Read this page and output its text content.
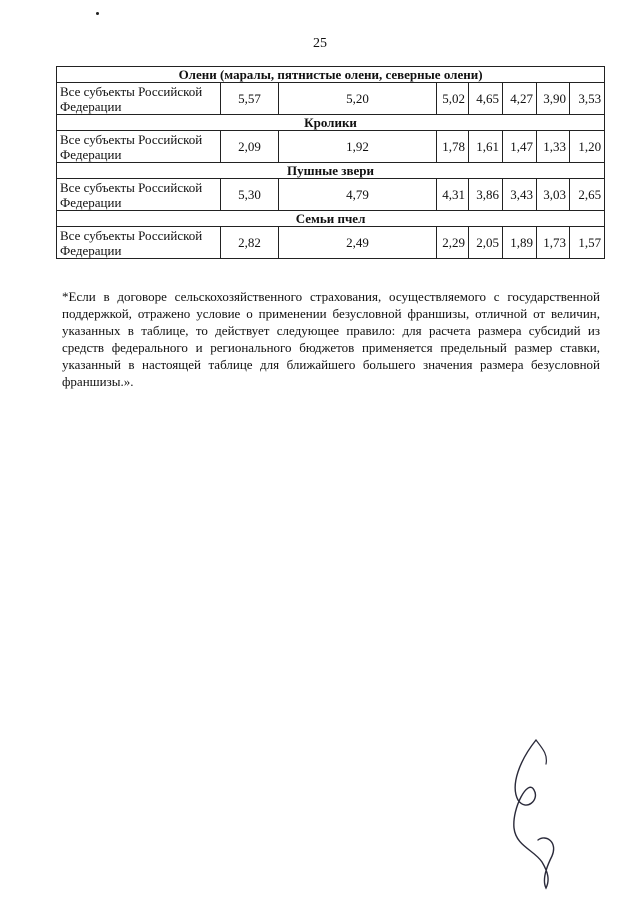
25
Олени (маралы, пятнистые олени, северные олени)							
Все субъекты Российской Федерации	5,57	5,20	5,02	4,65	4,27	3,90	3,53
Кролики							
Все субъекты Российской Федерации	2,09	1,92	1,78	1,61	1,47	1,33	1,20
Пушные звери							
Все субъекты Российской Федерации	5,30	4,79	4,31	3,86	3,43	3,03	2,65
Семьи пчел							
Все субъекты Российской Федерации	2,82	2,49	2,29	2,05	1,89	1,73	1,57
*Если в договоре сельскохозяйственного страхования, осуществляемого с государственной поддержкой, отражено условие о применении безусловной франшизы, отличной от величин, указанных в таблице, то действует следующее правило: для расчета размера субсидий из средств федерального и регионального бюджетов применяется предельный размер ставки, указанный в настоящей таблице для ближайшего большего значения размера безусловной франшизы.».
